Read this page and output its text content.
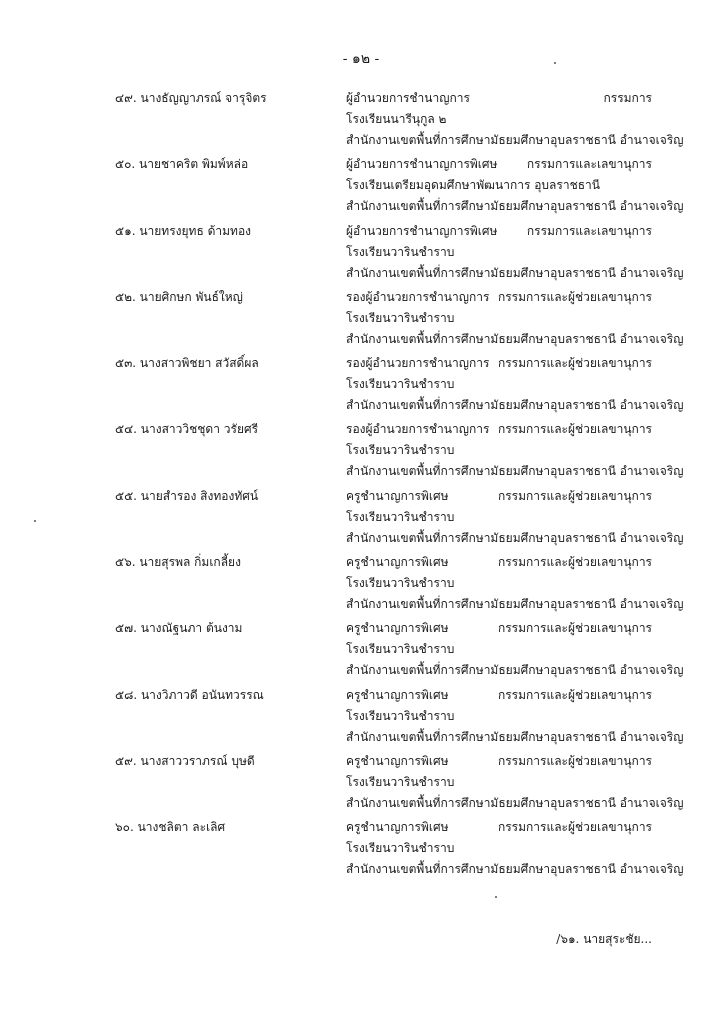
- ๑๒ -
๔๙. นางธัญญาภรณ์ จารุจิตร	ผู้อำนวยการชำนาญการ	กรรมการ
โรงเรียนนารีนุกูล ๒
สำนักงานเขตพื้นที่การศึกษามัธยมศึกษาอุบลราชธานี อำนาจเจริญ
๕๐. นายชาคริต พิมพ์หล่อ	ผู้อำนวยการชำนาญการพิเศษ กรรมการและเลขานุการ
โรงเรียนเตรียมอุดมศึกษาพัฒนาการ อุบลราชธานี
สำนักงานเขตพื้นที่การศึกษามัธยมศึกษาอุบลราชธานี อำนาจเจริญ
๕๑. นายทรงยุทธ ด้ามทอง	ผู้อำนวยการชำนาญการพิเศษ กรรมการและเลขานุการ
โรงเรียนวารินชำราบ
สำนักงานเขตพื้นที่การศึกษามัธยมศึกษาอุบลราชธานี อำนาจเจริญ
๕๒. นายศิกษก พันธ์ใหญ่	รองผู้อำนวยการชำนาญการ กรรมการและผู้ช่วยเลขานุการ
โรงเรียนวารินชำราบ
สำนักงานเขตพื้นที่การศึกษามัธยมศึกษาอุบลราชธานี อำนาจเจริญ
๕๓. นางสาวพิชยา สวัสดิ์ผล	รองผู้อำนวยการชำนาญการ กรรมการและผู้ช่วยเลขานุการ
โรงเรียนวารินชำราบ
สำนักงานเขตพื้นที่การศึกษามัธยมศึกษาอุบลราชธานี อำนาจเจริญ
๕๔. นางสาววิชชุดา วรัยศรี	รองผู้อำนวยการชำนาญการ กรรมการและผู้ช่วยเลขานุการ
โรงเรียนวารินชำราบ
สำนักงานเขตพื้นที่การศึกษามัธยมศึกษาอุบลราชธานี อำนาจเจริญ
๕๕. นายสำรอง สิงทองทัศน์	ครูชำนาญการพิเศษ	กรรมการและผู้ช่วยเลขานุการ
โรงเรียนวารินชำราบ
สำนักงานเขตพื้นที่การศึกษามัธยมศึกษาอุบลราชธานี อำนาจเจริญ
๕๖. นายสุรพล กิ่มเกลี้ยง	ครูชำนาญการพิเศษ	กรรมการและผู้ช่วยเลขานุการ
โรงเรียนวารินชำราบ
สำนักงานเขตพื้นที่การศึกษามัธยมศึกษาอุบลราชธานี อำนาจเจริญ
๕๗. นางณัฐนภา ต้นงาม	ครูชำนาญการพิเศษ	กรรมการและผู้ช่วยเลขานุการ
โรงเรียนวารินชำราบ
สำนักงานเขตพื้นที่การศึกษามัธยมศึกษาอุบลราชธานี อำนาจเจริญ
๕๘. นางวิภาวดี อนันทวรรณ	ครูชำนาญการพิเศษ	กรรมการและผู้ช่วยเลขานุการ
โรงเรียนวารินชำราบ
สำนักงานเขตพื้นที่การศึกษามัธยมศึกษาอุบลราชธานี อำนาจเจริญ
๕๙. นางสาววราภรณ์ บุษดี	ครูชำนาญการพิเศษ	กรรมการและผู้ช่วยเลขานุการ
โรงเรียนวารินชำราบ
สำนักงานเขตพื้นที่การศึกษามัธยมศึกษาอุบลราชธานี อำนาจเจริญ
๖๐. นางชลิตา ละเลิศ	ครูชำนาญการพิเศษ	กรรมการและผู้ช่วยเลขานุการ
โรงเรียนวารินชำราบ
สำนักงานเขตพื้นที่การศึกษามัธยมศึกษาอุบลราชธานี อำนาจเจริญ
/๖๑. นายสุระชัย...
